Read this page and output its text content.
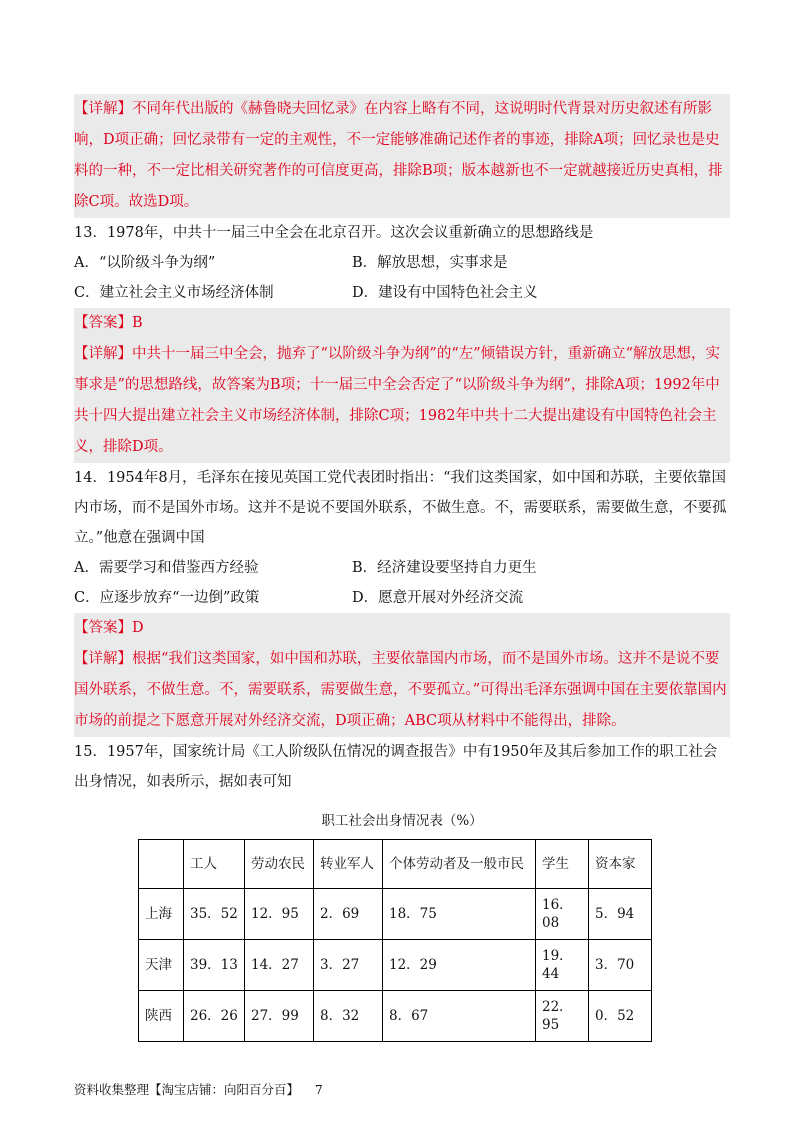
【详解】不同年代出版的《赫鲁晓夫回忆录》在内容上略有不同，这说明时代背景对历史叙述有所影响，D项正确；回忆录带有一定的主观性，不一定能够准确记述作者的事迹，排除A项；回忆录也是史料的一种，不一定比相关研究著作的可信度更高，排除B项；版本越新也不一定就越接近历史真相，排除C项。故选D项。

13．1978年，中共十一届三中全会在北京召开。这次会议重新确立的思想路线是

A．“以阶级斗争为纲”	B．解放思想，实事求是
C．建立社会主义市场经济体制	D．建设有中国特色社会主义

【答案】B

【详解】中共十一届三中全会，抛弃了“以阶级斗争为纲”的“左”倾错误方针，重新确立“解放思想，实事求是”的思想路线，故答案为B项；十一届三中全会否定了“以阶级斗争为纲”，排除A项；1992年中共十四大提出建立社会主义市场经济体制，排除C项；1982年中共十二大提出建设有中国特色社会主义，排除D项。

14．1954年8月，毛泽东在接见英国工党代表团时指出：“我们这类国家，如中国和苏联，主要依靠国内市场，而不是国外市场。这并不是说不要国外联系，不做生意。不，需要联系，需要做生意，不要孤立。”他意在强调中国

A．需要学习和借鉴西方经验	B．经济建设要坚持自力更生
C．应逐步放弃“一边倒”政策	D．愿意开展对外经济交流

【答案】D

【详解】根据“我们这类国家，如中国和苏联，主要依靠国内市场，而不是国外市场。这并不是说不要国外联系，不做生意。不，需要联系，需要做生意，不要孤立。”可得出毛泽东强调中国在主要依靠国内市场的前提之下愿意开展对外经济交流，D项正确；ABC项从材料中不能得出，排除。

15．1957年，国家统计局《工人阶级队伍情况的调查报告》中有1950年及其后参加工作的职工社会出身情况，如表所示，据如表可知

职工社会出身情况表（%）
	工人	劳动农民	转业军人	个体劳动者及一般市民	学生	资本家
上海	35．52	12．95	2．69	18．75	16．08	5．94
天津	39．13	14．27	3．27	12．29	19．44	3．70
陕西	26．26	27．99	8．32	8．67	22．95	0．52
资料收集整理【淘宝店铺：向阳百分百】 7
